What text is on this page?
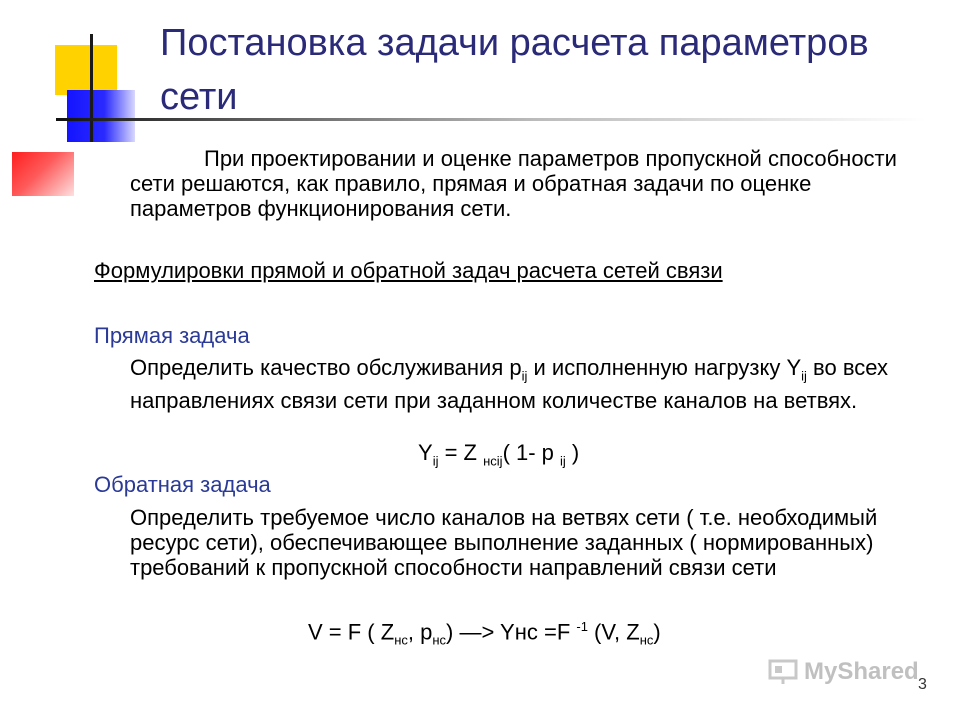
Постановка задачи расчета параметров сети
При проектировании и оценке параметров пропускной способности сети решаются, как правило, прямая и обратная задачи по оценке параметров функционирования сети.
Формулировки прямой и обратной задач расчета сетей связи
Прямая задача
Определить качество обслуживания $p_{ij}$ и исполненную нагрузку $Y_{ij}$ во всех направлениях связи сети при заданном количестве каналов на ветвях.
$Y_{ij} = Z$ $_{нсij}$( 1- p $_{ij}$ )
Обратная задача
Определить требуемое число каналов на ветвях сети ( т.е. необходимый ресурс сети), обеспечивающее выполнение заданных ( нормированных) требований к пропускной способности направлений связи сети
V = F ( $Z_{нс}$, $p_{нс}$) —> Yнс =F $^{-1}$ (V, $Z_{нс}$)
MyShared 3
